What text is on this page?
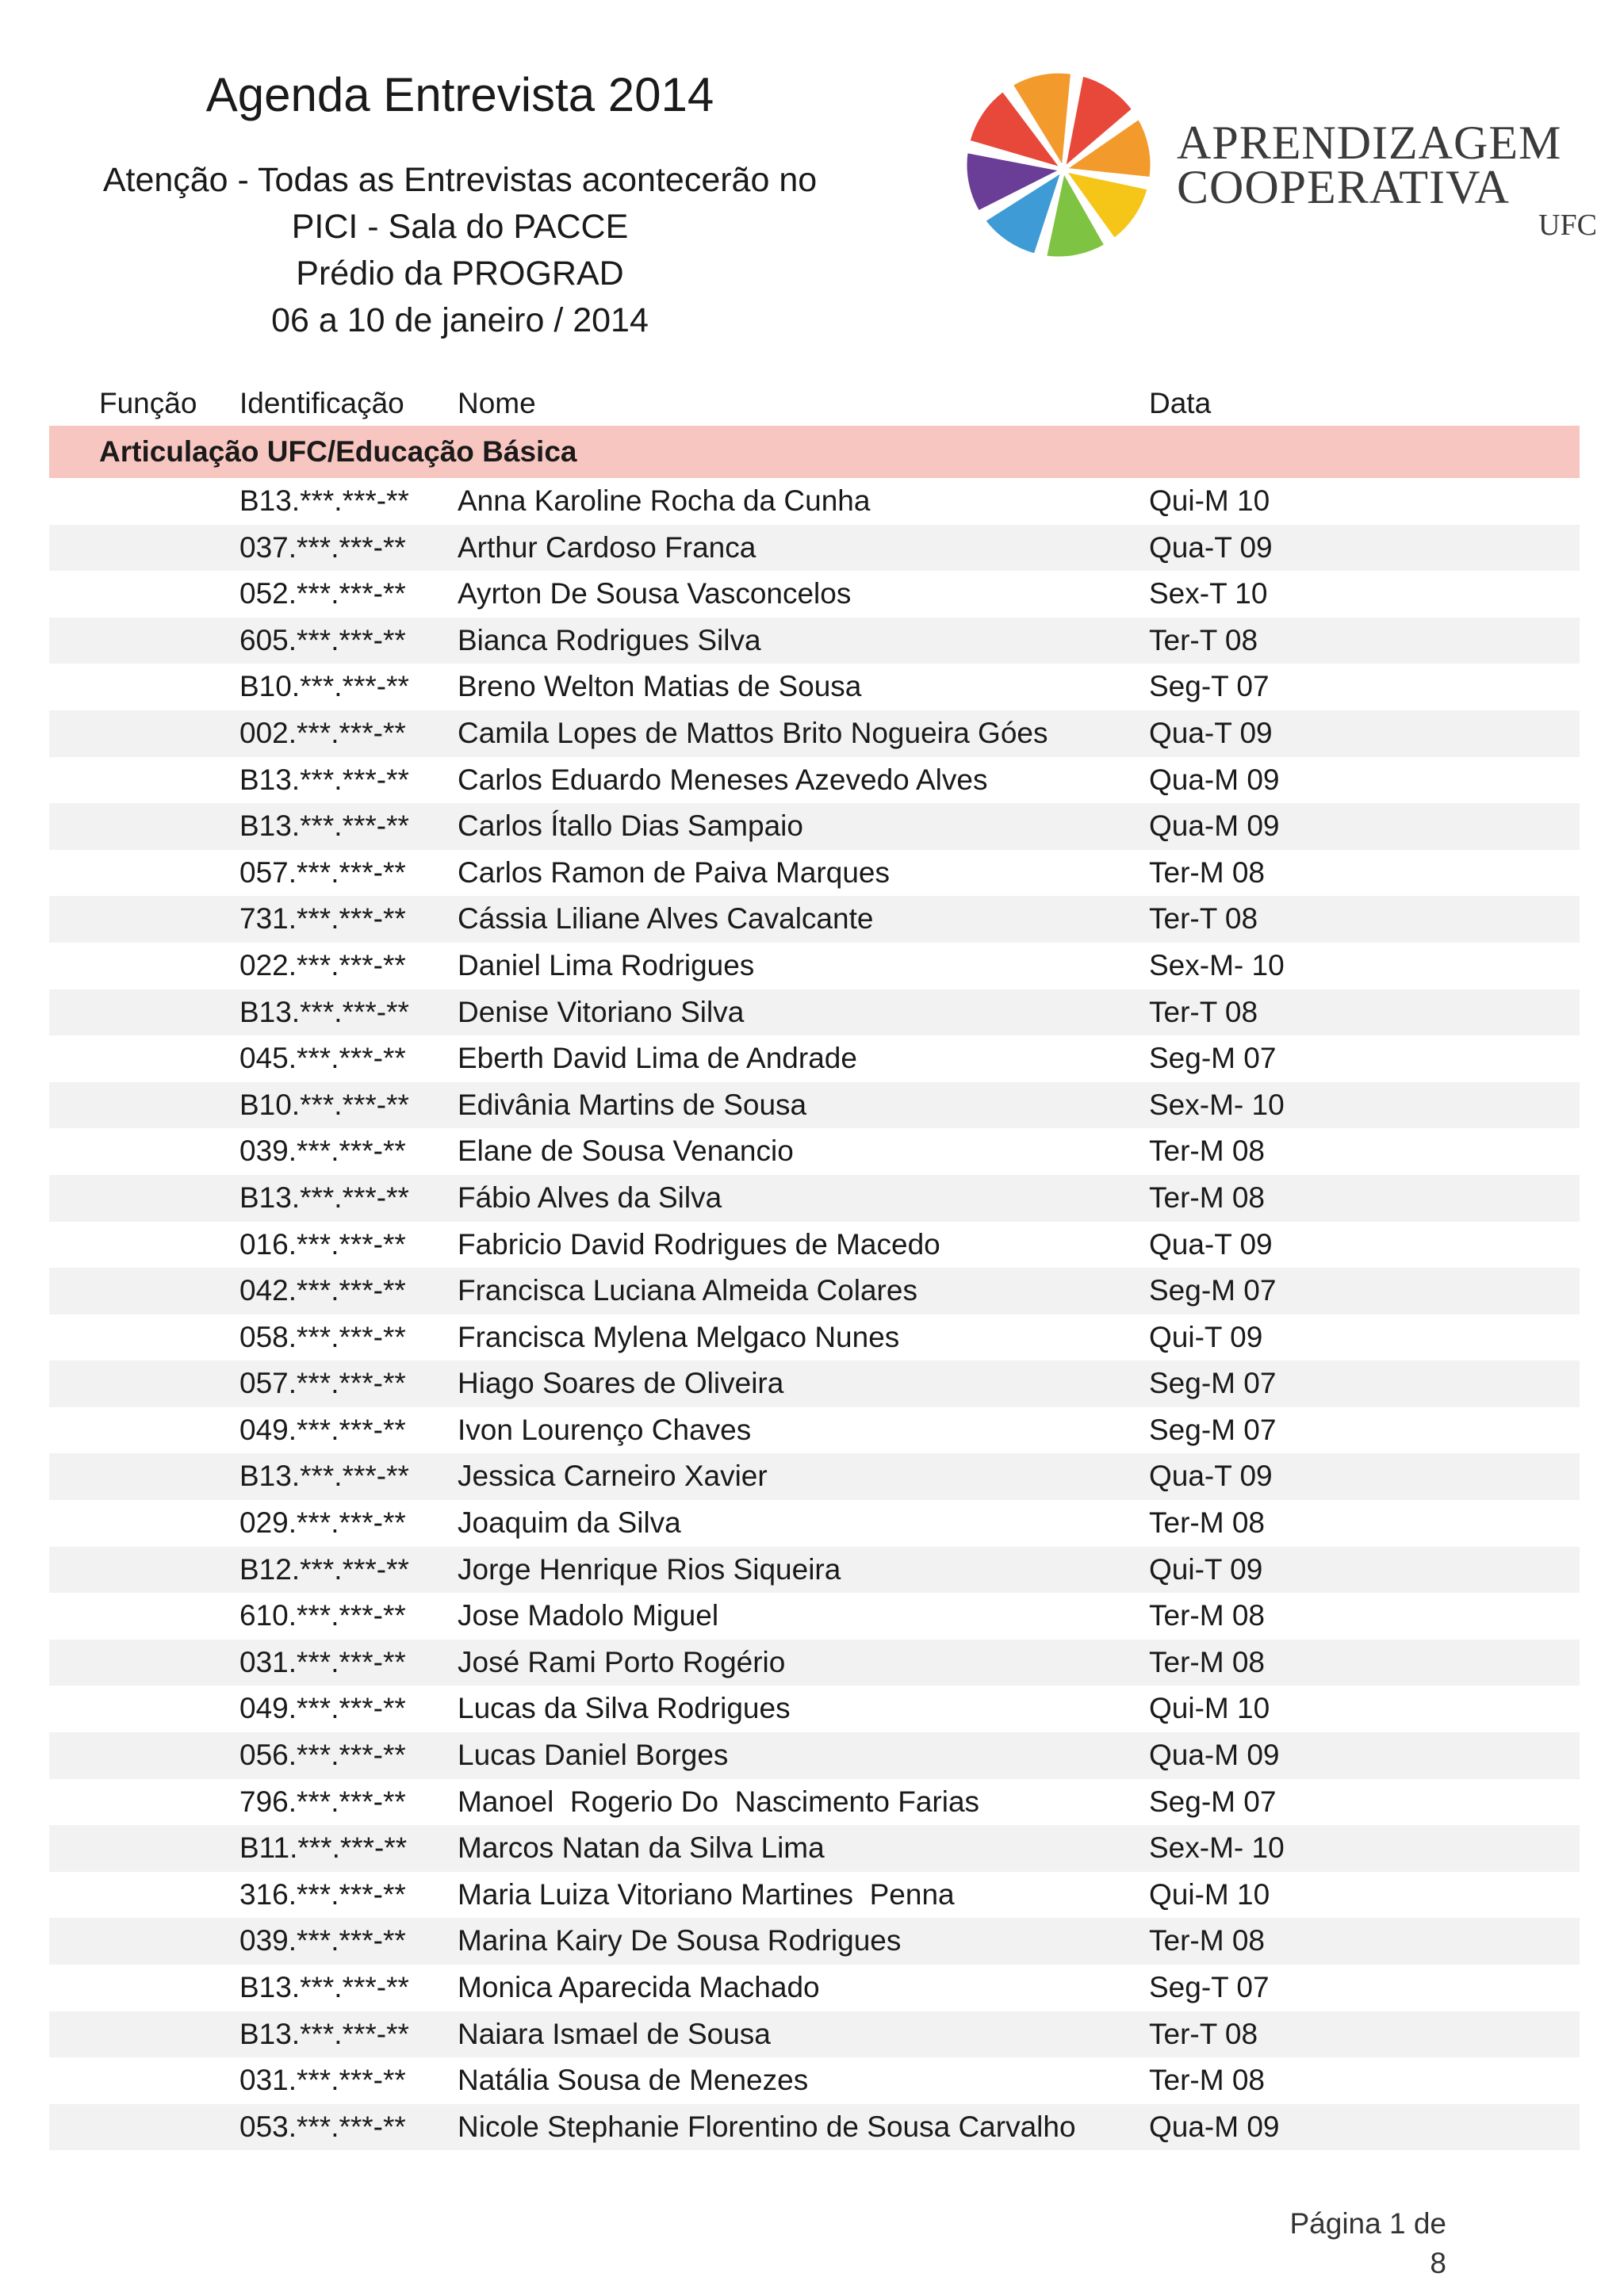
Agenda Entrevista 2014
Atenção - Todas as Entrevistas acontecerão no
PICI - Sala do PACCE
Prédio da PROGRAD
06 a 10 de janeiro / 2014
APRENDIZAGEM
COOPERATIVA
UFC
Função Identificação Nome	Data
Articulação UFC/Educação Básica
B13.***.***-** Anna Karoline Rocha da Cunha	Qui-M 10
037.***.***-** Arthur Cardoso Franca	Qua-T 09
052.***.***-** Ayrton De Sousa Vasconcelos	Sex-T 10
605.***.***-** Bianca Rodrigues Silva	Ter-T 08
B10.***.***-** Breno Welton Matias de Sousa	Seg-T 07
002.***.***-** Camila Lopes de Mattos Brito Nogueira Góes	Qua-T 09
B13.***.***-** Carlos Eduardo Meneses Azevedo Alves	Qua-M 09
B13.***.***-** Carlos Ítallo Dias Sampaio	Qua-M 09
057.***.***-** Carlos Ramon de Paiva Marques	Ter-M 08
731.***.***-** Cássia Liliane Alves Cavalcante	Ter-T 08
022.***.***-** Daniel Lima Rodrigues	Sex-M- 10
B13.***.***-** Denise Vitoriano Silva	Ter-T 08
045.***.***-** Eberth David Lima de Andrade	Seg-M 07
B10.***.***-** Edivânia Martins de Sousa	Sex-M- 10
039.***.***-** Elane de Sousa Venancio	Ter-M 08
B13.***.***-** Fábio Alves da Silva	Ter-M 08
016.***.***-** Fabricio David Rodrigues de Macedo	Qua-T 09
042.***.***-** Francisca Luciana Almeida Colares	Seg-M 07
058.***.***-** Francisca Mylena Melgaco Nunes	Qui-T 09
057.***.***-** Hiago Soares de Oliveira	Seg-M 07
049.***.***-** Ivon Lourenço Chaves	Seg-M 07
B13.***.***-** Jessica Carneiro Xavier	Qua-T 09
029.***.***-** Joaquim da Silva	Ter-M 08
B12.***.***-** Jorge Henrique Rios Siqueira	Qui-T 09
610.***.***-** Jose Madolo Miguel	Ter-M 08
031.***.***-** José Rami Porto Rogério	Ter-M 08
049.***.***-** Lucas da Silva Rodrigues	Qui-M 10
056.***.***-** Lucas Daniel Borges	Qua-M 09
796.***.***-** Manoel  Rogerio Do  Nascimento Farias	Seg-M 07
B11.***.***-** Marcos Natan da Silva Lima	Sex-M- 10
316.***.***-** Maria Luiza Vitoriano Martines  Penna	Qui-M 10
039.***.***-** Marina Kairy De Sousa Rodrigues	Ter-M 08
B13.***.***-** Monica Aparecida Machado	Seg-T 07
B13.***.***-** Naiara Ismael de Sousa	Ter-T 08
031.***.***-** Natália Sousa de Menezes	Ter-M 08
053.***.***-** Nicole Stephanie Florentino de Sousa Carvalho Qua-M 09
Página 1 de 8
